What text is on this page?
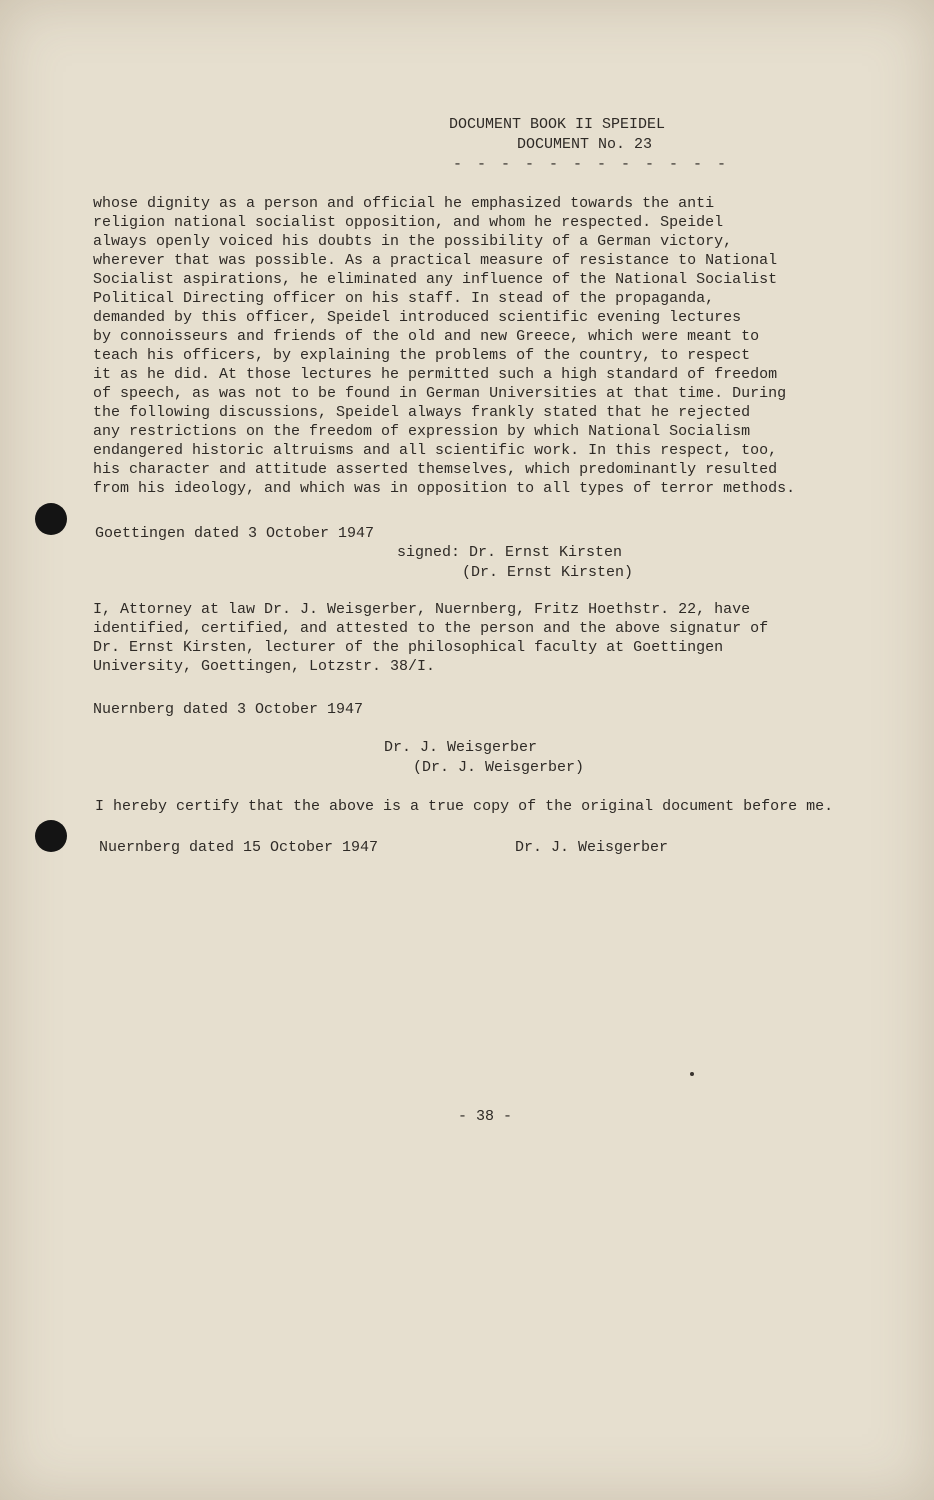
DOCUMENT BOOK II SPEIDEL
DOCUMENT No. 23
- - - - - - - - - - - -
whose dignity as a person and official he emphasized towards the anti
religion national socialist opposition, and whom he respected. Speidel
always openly voiced his doubts in the possibility of a German victory,
wherever that was possible. As a practical measure of resistance to National
Socialist aspirations, he eliminated any influence of the National Socialist
Political Directing officer on his staff. In stead of the propaganda,
demanded by this officer, Speidel introduced scientific evening lectures
by connoisseurs and friends of the old and new Greece, which were meant to
teach his officers, by explaining the problems of the country, to respect
it as he did. At those lectures he permitted such a high standard of freedom
of speech, as was not to be found in German Universities at that time. During
the following discussions, Speidel always frankly stated that he rejected
any restrictions on the freedom of expression by which National Socialism
endangered historic altruisms and all scientific work. In this respect, too,
his character and attitude asserted themselves, which predominantly resulted
from his ideology, and which was in opposition to all types of terror methods.
Goettingen dated 3 October 1947
signed: Dr. Ernst Kirsten
(Dr. Ernst Kirsten)
I, Attorney at law Dr. J. Weisgerber, Nuernberg, Fritz Hoethstr. 22, have
identified, certified, and attested to the person and the above signatur of
Dr. Ernst Kirsten, lecturer of the philosophical faculty at Goettingen
University, Goettingen, Lotzstr. 38/I.
Nuernberg dated 3 October 1947
Dr. J. Weisgerber
(Dr. J. Weisgerber)
I hereby certify that the above is a true copy of the original document before me.
Nuernberg dated 15 October 1947	Dr. J. Weisgerber
- 38 -
